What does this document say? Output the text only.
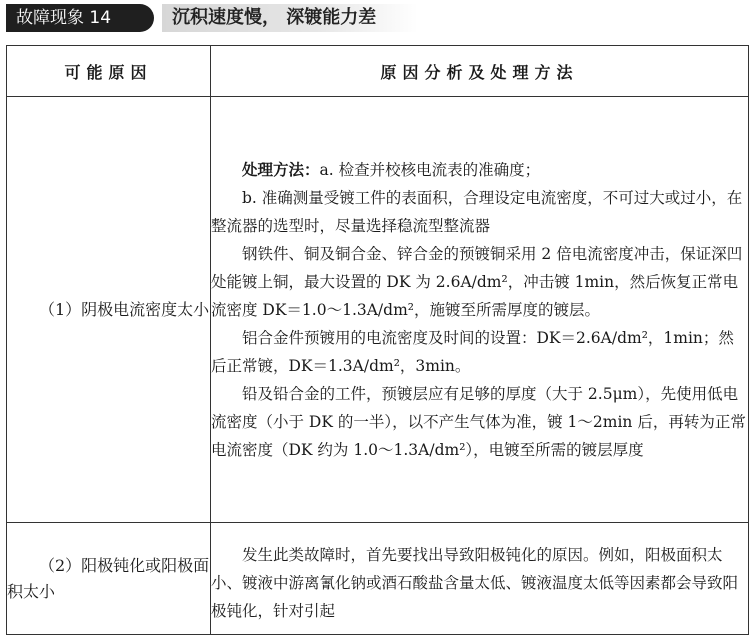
故障现象 14	沉积速度慢， 深镀能力差
可能原因	原因分析及处理方法

（1）阴极电流密度太小	处理方法：a. 检查并校核电流表的准确度；

b. 准确测量受镀工件的表面积，合理设定电流密度，不可过大或过小，在整流器的选型时，尽量选择稳流型整流器

钢铁件、铜及铜合金、锌合金的预镀铜采用 2 倍电流密度冲击，保证深凹处能镀上铜，最大设置的 DK 为 2.6A/dm²，冲击镀 1min，然后恢复正常电流密度 DK＝1.0～1.3A/dm²，施镀至所需厚度的镀层。

铝合金件预镀用的电流密度及时间的设置：DK＝2.6A/dm²，1min；然后正常镀，DK＝1.3A/dm²，3min。

铅及铅合金的工件，预镀层应有足够的厚度（大于 2.5μm），先使用低电流密度（小于 DK 的一半），以不产生气体为准，镀 1～2min 后，再转为正常电流密度（DK 约为 1.0～1.3A/dm²），电镀至所需的镀层厚度

（2）阳极钝化或阳极面积太小	发生此类故障时，首先要找出导致阳极钝化的原因。例如，阳极面积太小、镀液中游离氰化钠或酒石酸盐含量太低、镀液温度太低等因素都会导致阳极钝化，针对引起
